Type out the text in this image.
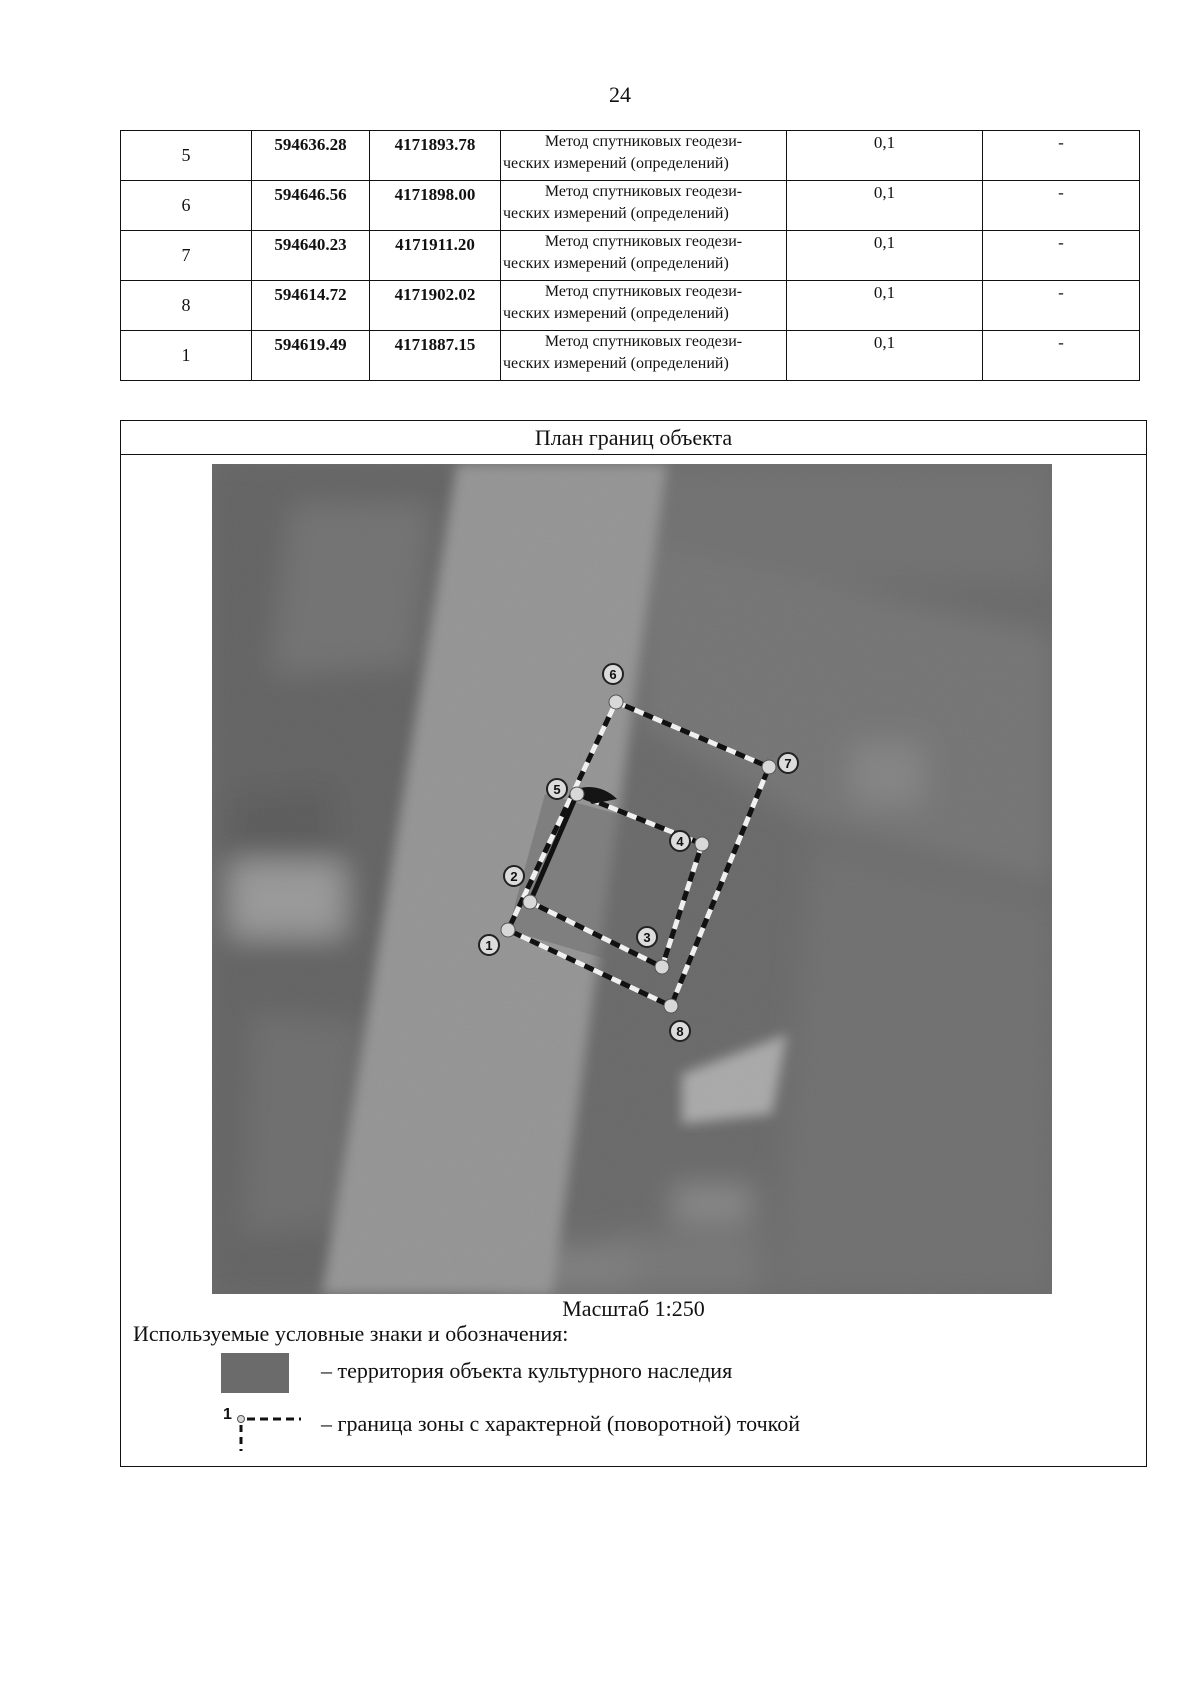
24
5	594636.28	4171893.78	Метод спутниковых геодези-
ческих измерений (определений)	0,1	-
6	594646.56	4171898.00	Метод спутниковых геодези-
ческих измерений (определений)	0,1	-
7	594640.23	4171911.20	Метод спутниковых геодези-
ческих измерений (определений)	0,1	-
8	594614.72	4171902.02	Метод спутниковых геодези-
ческих измерений (определений)	0,1	-
1	594619.49	4171887.15	Метод спутниковых геодези-
ческих измерений (определений)	0,1	-
План границ объекта
1
2
3
4
5
6
7
8
Масштаб 1:250
Используемые условные знаки и обозначения:
– территория объекта культурного наследия
1	– граница зоны с характерной (поворотной) точкой
